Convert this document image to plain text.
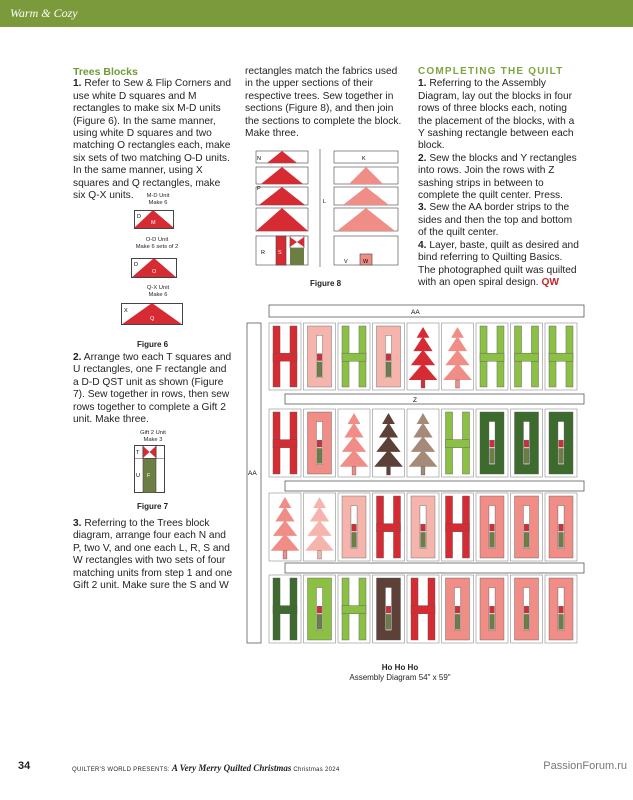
Warm & Cozy

Trees Blocks

1. Refer to Sew & Flip Corners and use white D squares and M rectangles to make six M-D units (Figure 6). In the same manner, using white D squares and two matching O rectangles each, make six sets of two matching O-D units. In the same manner, using X squares and Q rectangles, make six Q-X units.	M-D Unit
Make 6
D
M
O-D Unit
Make 6 sets of 2
D
O
Q-X Unit
Make 6
X
Q
Figure 6

2. Arrange two each T squares and U rectangles, one F rectangle and a D-D QST unit as shown (Figure 7). Sew together in rows, then sew rows together to complete a Gift 2 unit. Make three.

Gift 2 Unit
Make 3
T
U F
Figure 7

3. Referring to the Trees block diagram, arrange four each N and P, two V, and one each L, R, S and W rectangles with two sets of four matching units from step 1 and one Gift 2 unit. Make sure the S and W

rectangles match the fabrics used in the upper sections of their respective trees. Sew together in sections (Figure 8), and then join the sections to complete the block. Make three.

N
P
R S
L
K
V	W
Figure 8

COMPLETING THE QUILT

1. Referring to the Assembly Diagram, lay out the blocks in four rows of three blocks each, noting the placement of the blocks, with a Y sashing rectangle between each block.

2. Sew the blocks and Y rectangles into rows. Join the rows with Z sashing strips in between to complete the quilt center. Press.

3. Sew the AA border strips to the sides and then the top and bottom of the quilt center.

4. Layer, baste, quilt as desired and bind referring to Quilting Basics. The photographed quilt was quilted with an open spiral design. QW

AA
AA
Z
Ho Ho Ho
Assembly Diagram 54" x 59"
34	QUILTER'S WORLD PRESENTS: A Very Merry Quilted Christmas Christmas 2024	PassionForum.ru
